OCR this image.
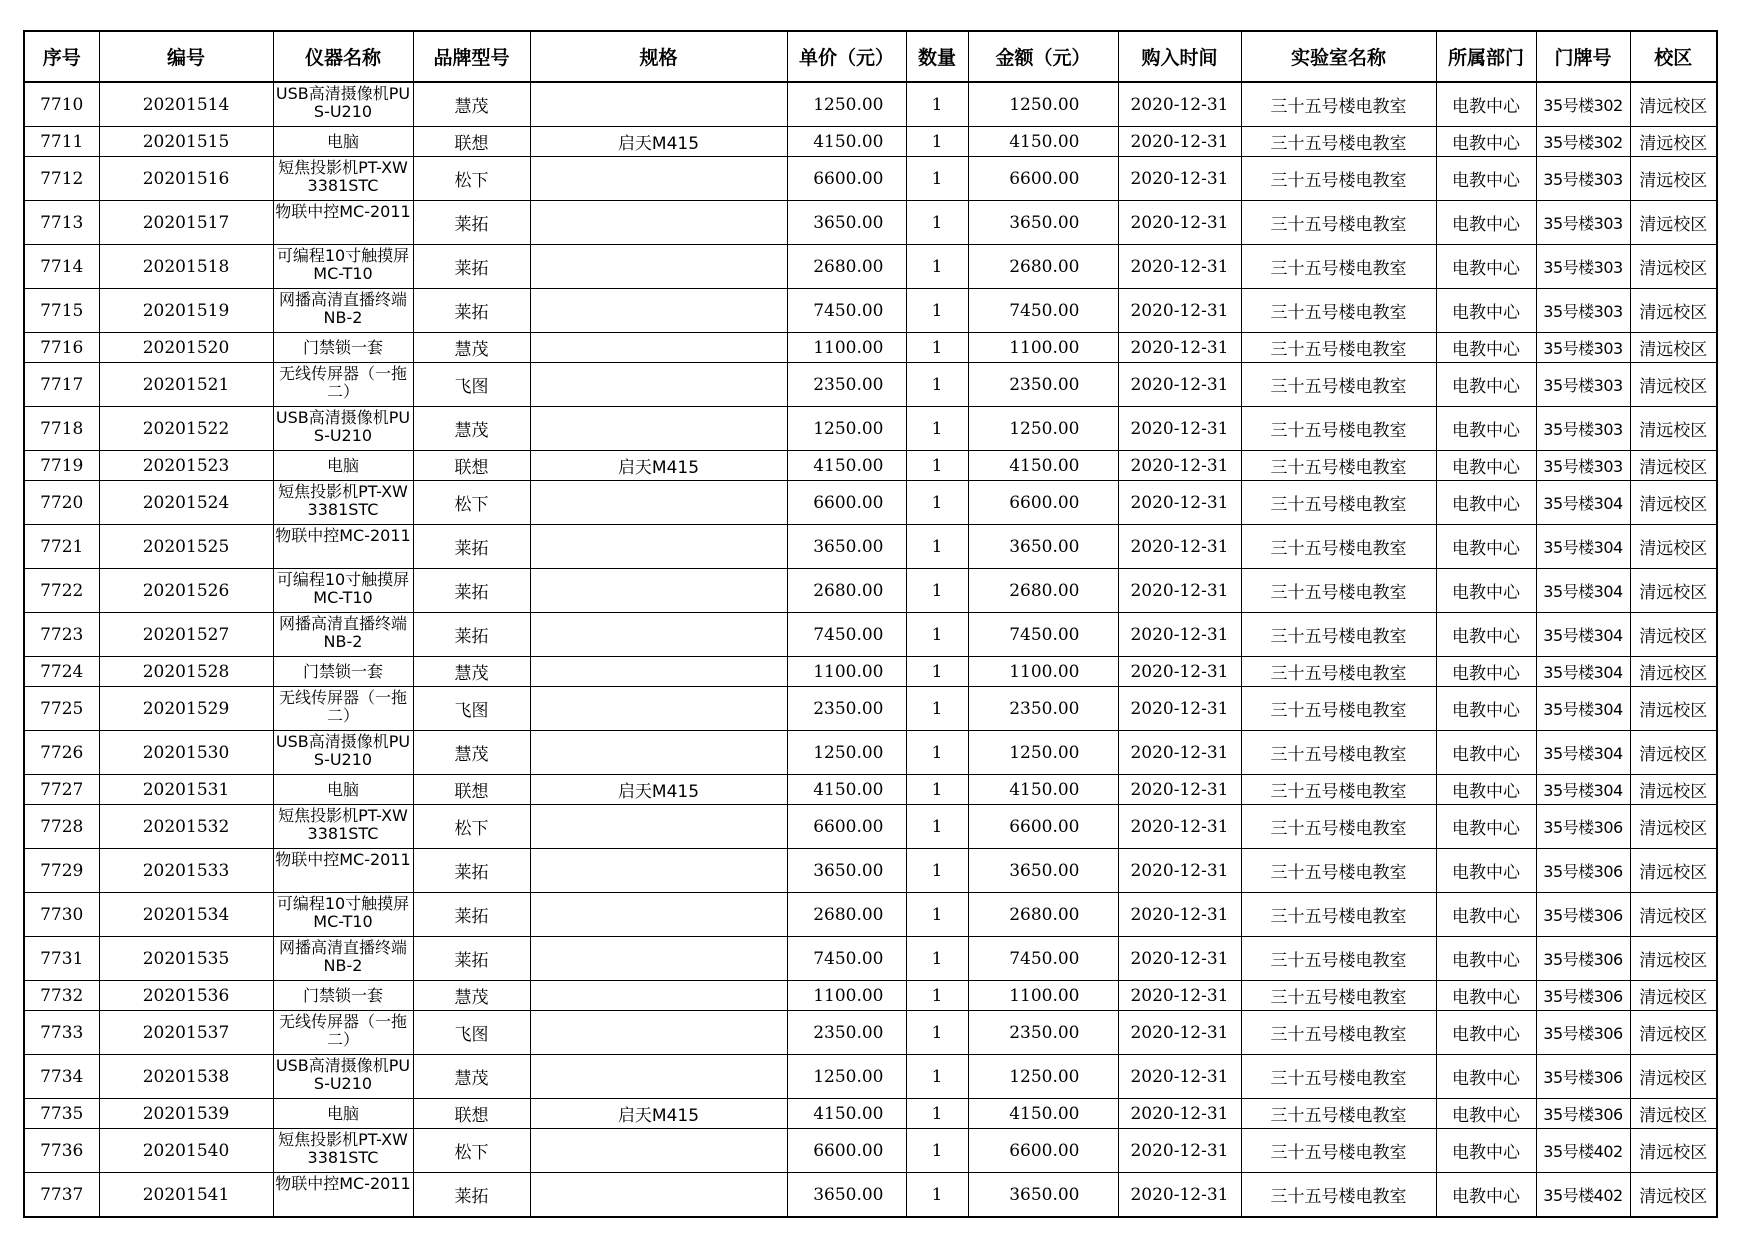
序号	编号	仪器名称	品牌型号	规格	单价（元）	数量	金额（元）	购入时间	实验室名称	所属部门	门牌号	校区
7710	20201514	USB高清摄像机PUS-U210	慧茂		1250.00	1	1250.00	2020-12-31	三十五号楼电教室	电教中心	35号楼302	清远校区
7711	20201515	电脑	联想	启天M415	4150.00	1	4150.00	2020-12-31	三十五号楼电教室	电教中心	35号楼302	清远校区
7712	20201516	短焦投影机PT-XW3381STC	松下		6600.00	1	6600.00	2020-12-31	三十五号楼电教室	电教中心	35号楼303	清远校区
7713	20201517	物联中控MC-2011	莱拓		3650.00	1	3650.00	2020-12-31	三十五号楼电教室	电教中心	35号楼303	清远校区
7714	20201518	可编程10寸触摸屏MC-T10	莱拓		2680.00	1	2680.00	2020-12-31	三十五号楼电教室	电教中心	35号楼303	清远校区
7715	20201519	网播高清直播终端NB-2	莱拓		7450.00	1	7450.00	2020-12-31	三十五号楼电教室	电教中心	35号楼303	清远校区
7716	20201520	门禁锁一套	慧茂		1100.00	1	1100.00	2020-12-31	三十五号楼电教室	电教中心	35号楼303	清远校区
7717	20201521	无线传屏器（一拖二）	飞图		2350.00	1	2350.00	2020-12-31	三十五号楼电教室	电教中心	35号楼303	清远校区
7718	20201522	USB高清摄像机PUS-U210	慧茂		1250.00	1	1250.00	2020-12-31	三十五号楼电教室	电教中心	35号楼303	清远校区
7719	20201523	电脑	联想	启天M415	4150.00	1	4150.00	2020-12-31	三十五号楼电教室	电教中心	35号楼303	清远校区
7720	20201524	短焦投影机PT-XW3381STC	松下		6600.00	1	6600.00	2020-12-31	三十五号楼电教室	电教中心	35号楼304	清远校区
7721	20201525	物联中控MC-2011	莱拓		3650.00	1	3650.00	2020-12-31	三十五号楼电教室	电教中心	35号楼304	清远校区
7722	20201526	可编程10寸触摸屏MC-T10	莱拓		2680.00	1	2680.00	2020-12-31	三十五号楼电教室	电教中心	35号楼304	清远校区
7723	20201527	网播高清直播终端NB-2	莱拓		7450.00	1	7450.00	2020-12-31	三十五号楼电教室	电教中心	35号楼304	清远校区
7724	20201528	门禁锁一套	慧茂		1100.00	1	1100.00	2020-12-31	三十五号楼电教室	电教中心	35号楼304	清远校区
7725	20201529	无线传屏器（一拖二）	飞图		2350.00	1	2350.00	2020-12-31	三十五号楼电教室	电教中心	35号楼304	清远校区
7726	20201530	USB高清摄像机PUS-U210	慧茂		1250.00	1	1250.00	2020-12-31	三十五号楼电教室	电教中心	35号楼304	清远校区
7727	20201531	电脑	联想	启天M415	4150.00	1	4150.00	2020-12-31	三十五号楼电教室	电教中心	35号楼304	清远校区
7728	20201532	短焦投影机PT-XW3381STC	松下		6600.00	1	6600.00	2020-12-31	三十五号楼电教室	电教中心	35号楼306	清远校区
7729	20201533	物联中控MC-2011	莱拓		3650.00	1	3650.00	2020-12-31	三十五号楼电教室	电教中心	35号楼306	清远校区
7730	20201534	可编程10寸触摸屏MC-T10	莱拓		2680.00	1	2680.00	2020-12-31	三十五号楼电教室	电教中心	35号楼306	清远校区
7731	20201535	网播高清直播终端NB-2	莱拓		7450.00	1	7450.00	2020-12-31	三十五号楼电教室	电教中心	35号楼306	清远校区
7732	20201536	门禁锁一套	慧茂		1100.00	1	1100.00	2020-12-31	三十五号楼电教室	电教中心	35号楼306	清远校区
7733	20201537	无线传屏器（一拖二）	飞图		2350.00	1	2350.00	2020-12-31	三十五号楼电教室	电教中心	35号楼306	清远校区
7734	20201538	USB高清摄像机PUS-U210	慧茂		1250.00	1	1250.00	2020-12-31	三十五号楼电教室	电教中心	35号楼306	清远校区
7735	20201539	电脑	联想	启天M415	4150.00	1	4150.00	2020-12-31	三十五号楼电教室	电教中心	35号楼306	清远校区
7736	20201540	短焦投影机PT-XW3381STC	松下		6600.00	1	6600.00	2020-12-31	三十五号楼电教室	电教中心	35号楼402	清远校区
7737	20201541	物联中控MC-2011	莱拓		3650.00	1	3650.00	2020-12-31	三十五号楼电教室	电教中心	35号楼402	清远校区
